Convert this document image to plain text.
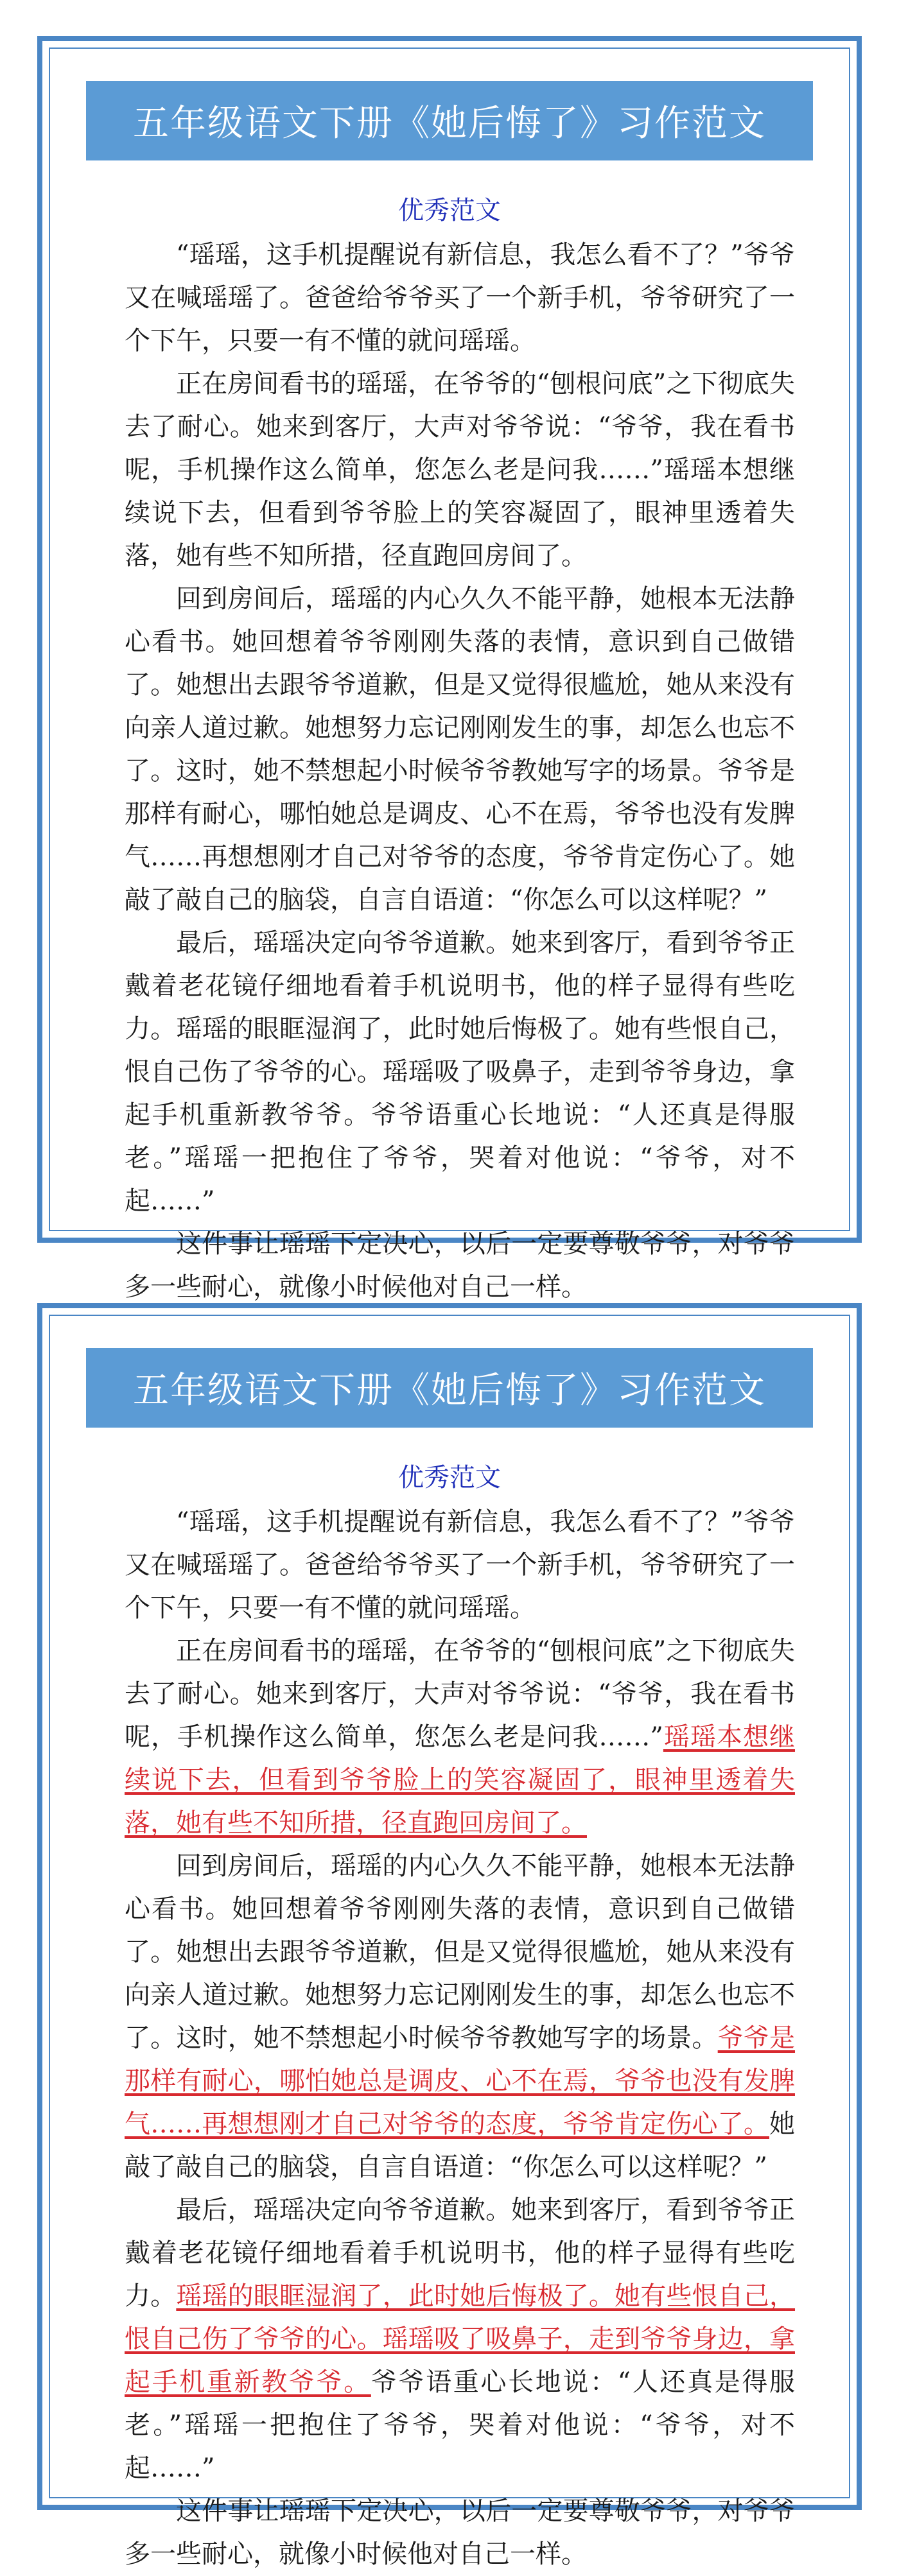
五年级语文下册《她后悔了》习作范文
优秀范文

“瑶瑶，这手机提醒说有新信息，我怎么看不了？”爷爷又在喊瑶瑶了。爸爸给爷爷买了一个新手机，爷爷研究了一个下午，只要一有不懂的就问瑶瑶。

正在房间看书的瑶瑶，在爷爷的“刨根问底”之下彻底失去了耐心。她来到客厅，大声对爷爷说：“爷爷，我在看书呢，手机操作这么简单，您怎么老是问我……”瑶瑶本想继续说下去，但看到爷爷脸上的笑容凝固了，眼神里透着失落，她有些不知所措，径直跑回房间了。

回到房间后，瑶瑶的内心久久不能平静，她根本无法静心看书。她回想着爷爷刚刚失落的表情，意识到自己做错了。她想出去跟爷爷道歉，但是又觉得很尴尬，她从来没有向亲人道过歉。她想努力忘记刚刚发生的事，却怎么也忘不了。这时，她不禁想起小时候爷爷教她写字的场景。爷爷是那样有耐心，哪怕她总是调皮、心不在焉，爷爷也没有发脾气……再想想刚才自己对爷爷的态度，爷爷肯定伤心了。她敲了敲自己的脑袋，自言自语道：“你怎么可以这样呢？”

最后，瑶瑶决定向爷爷道歉。她来到客厅，看到爷爷正戴着老花镜仔细地看着手机说明书，他的样子显得有些吃力。瑶瑶的眼眶湿润了，此时她后悔极了。她有些恨自己，恨自己伤了爷爷的心。瑶瑶吸了吸鼻子，走到爷爷身边，拿起手机重新教爷爷。爷爷语重心长地说：“人还真是得服老。”瑶瑶一把抱住了爷爷，哭着对他说：“爷爷，对不起……”

这件事让瑶瑶下定决心，以后一定要尊敬爷爷，对爷爷多一些耐心，就像小时候他对自己一样。

五年级语文下册《她后悔了》习作范文
优秀范文

“瑶瑶，这手机提醒说有新信息，我怎么看不了？”爷爷又在喊瑶瑶了。爸爸给爷爷买了一个新手机，爷爷研究了一个下午，只要一有不懂的就问瑶瑶。

正在房间看书的瑶瑶，在爷爷的“刨根问底”之下彻底失去了耐心。她来到客厅，大声对爷爷说：“爷爷，我在看书呢，手机操作这么简单，您怎么老是问我……”瑶瑶本想继续说下去，但看到爷爷脸上的笑容凝固了，眼神里透着失落，她有些不知所措，径直跑回房间了。

回到房间后，瑶瑶的内心久久不能平静，她根本无法静心看书。她回想着爷爷刚刚失落的表情，意识到自己做错了。她想出去跟爷爷道歉，但是又觉得很尴尬，她从来没有向亲人道过歉。她想努力忘记刚刚发生的事，却怎么也忘不了。这时，她不禁想起小时候爷爷教她写字的场景。爷爷是那样有耐心，哪怕她总是调皮、心不在焉，爷爷也没有发脾气……再想想刚才自己对爷爷的态度，爷爷肯定伤心了。她敲了敲自己的脑袋，自言自语道：“你怎么可以这样呢？”

最后，瑶瑶决定向爷爷道歉。她来到客厅，看到爷爷正戴着老花镜仔细地看着手机说明书，他的样子显得有些吃力。瑶瑶的眼眶湿润了，此时她后悔极了。她有些恨自己，恨自己伤了爷爷的心。瑶瑶吸了吸鼻子，走到爷爷身边，拿起手机重新教爷爷。爷爷语重心长地说：“人还真是得服老。”瑶瑶一把抱住了爷爷，哭着对他说：“爷爷，对不起……”

这件事让瑶瑶下定决心，以后一定要尊敬爷爷，对爷爷多一些耐心，就像小时候他对自己一样。
